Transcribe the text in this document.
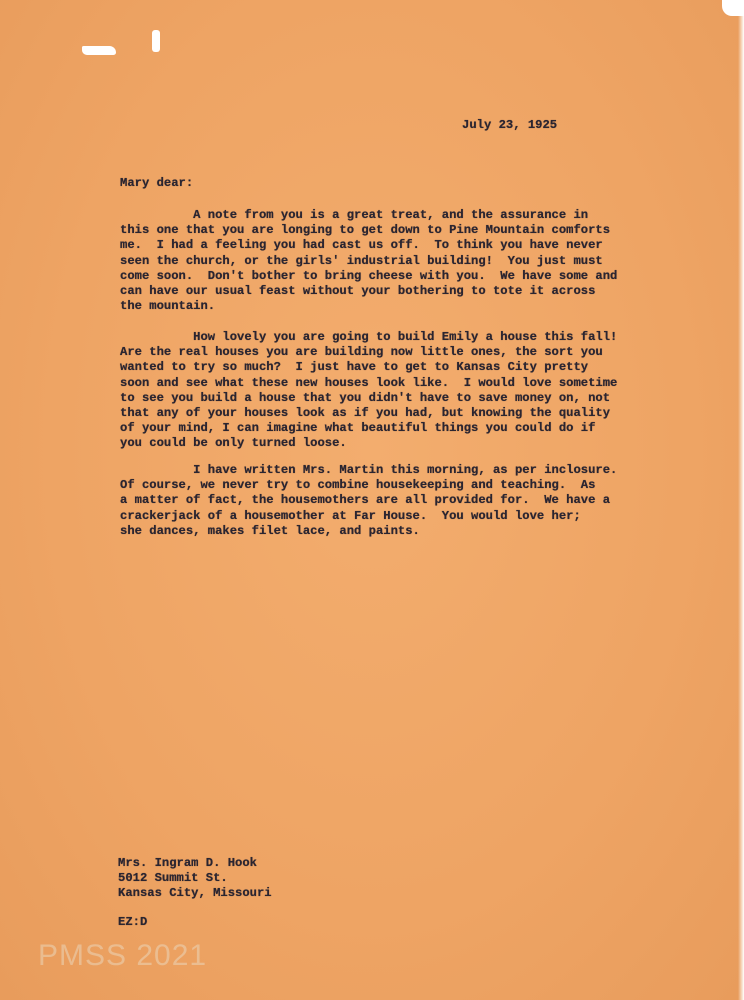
July 23, 1925
Mary dear:
A note from you is a great treat, and the assurance in
this one that you are longing to get down to Pine Mountain comforts
me.  I had a feeling you had cast us off.  To think you have never
seen the church, or the girls' industrial building!  You just must
come soon.  Don't bother to bring cheese with you.  We have some and
can have our usual feast without your bothering to tote it across
the mountain.
How lovely you are going to build Emily a house this fall!
Are the real houses you are building now little ones, the sort you
wanted to try so much?  I just have to get to Kansas City pretty
soon and see what these new houses look like.  I would love sometime
to see you build a house that you didn't have to save money on, not
that any of your houses look as if you had, but knowing the quality
of your mind, I can imagine what beautiful things you could do if
you could be only turned loose.
I have written Mrs. Martin this morning, as per inclosure.
Of course, we never try to combine housekeeping and teaching.  As
a matter of fact, the housemothers are all provided for.  We have a
crackerjack of a housemother at Far House.  You would love her;
she dances, makes filet lace, and paints.
Mrs. Ingram D. Hook
5012 Summit St.
Kansas City, Missouri
EZ:D
PMSS 2021
